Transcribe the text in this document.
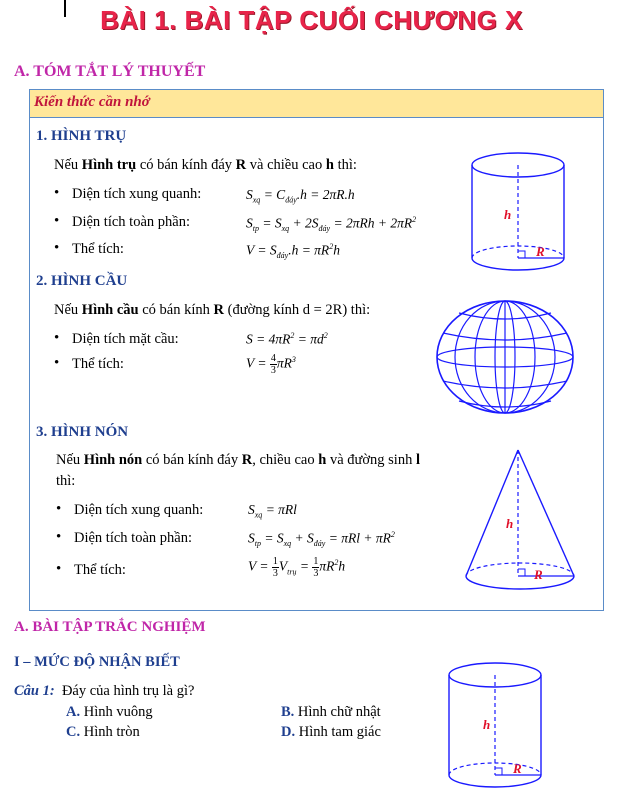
BÀI 1. BÀI TẬP CUỐI CHƯƠNG X
A. TÓM TẮT LÝ THUYẾT
Kiến thức cần nhớ
1. HÌNH TRỤ
Nếu Hình trụ có bán kính đáy R và chiều cao h thì:
• Diện tích xung quanh:	$S_{xq} = C_{đáy}.h = 2\pi R.h$
• Diện tích toàn phần:	$S_{tp} = S_{xq} + 2S_{đáy} = 2\pi Rh + 2\pi R^2$
• Thể tích:	$V = S_{đáy}.h = \pi R^2h$
h
R
2. HÌNH CẦU
Nếu Hình cầu có bán kính R (đường kính d = 2R) thì:
• Diện tích mặt cầu:	$S = 4\pi R^2 = \pi d^2$
• Thể tích:	$V = \frac{4}{3} \pi R^3$
3. HÌNH NÓN
Nếu Hình nón có bán kính đáy R, chiều cao h và đường sinh l
thì:
• Diện tích xung quanh:	$S_{xq} = \pi Rl$
• Diện tích toàn phần:	$S_{tp} = S_{xq} + S_{đáy} = \pi Rl + \pi R^2$
• Thể tích:	$V = \frac{1}{3} V_{trụ} = \frac{1}{3} \pi R^2h$
h
R
A. BÀI TẬP TRẮC NGHIỆM
I – MỨC ĐỘ NHẬN BIẾT
Câu 1: Đáy của hình trụ là gì?
A. Hình vuông	B. Hình chữ nhật
C. Hình tròn	D. Hình tam giác	h
R
